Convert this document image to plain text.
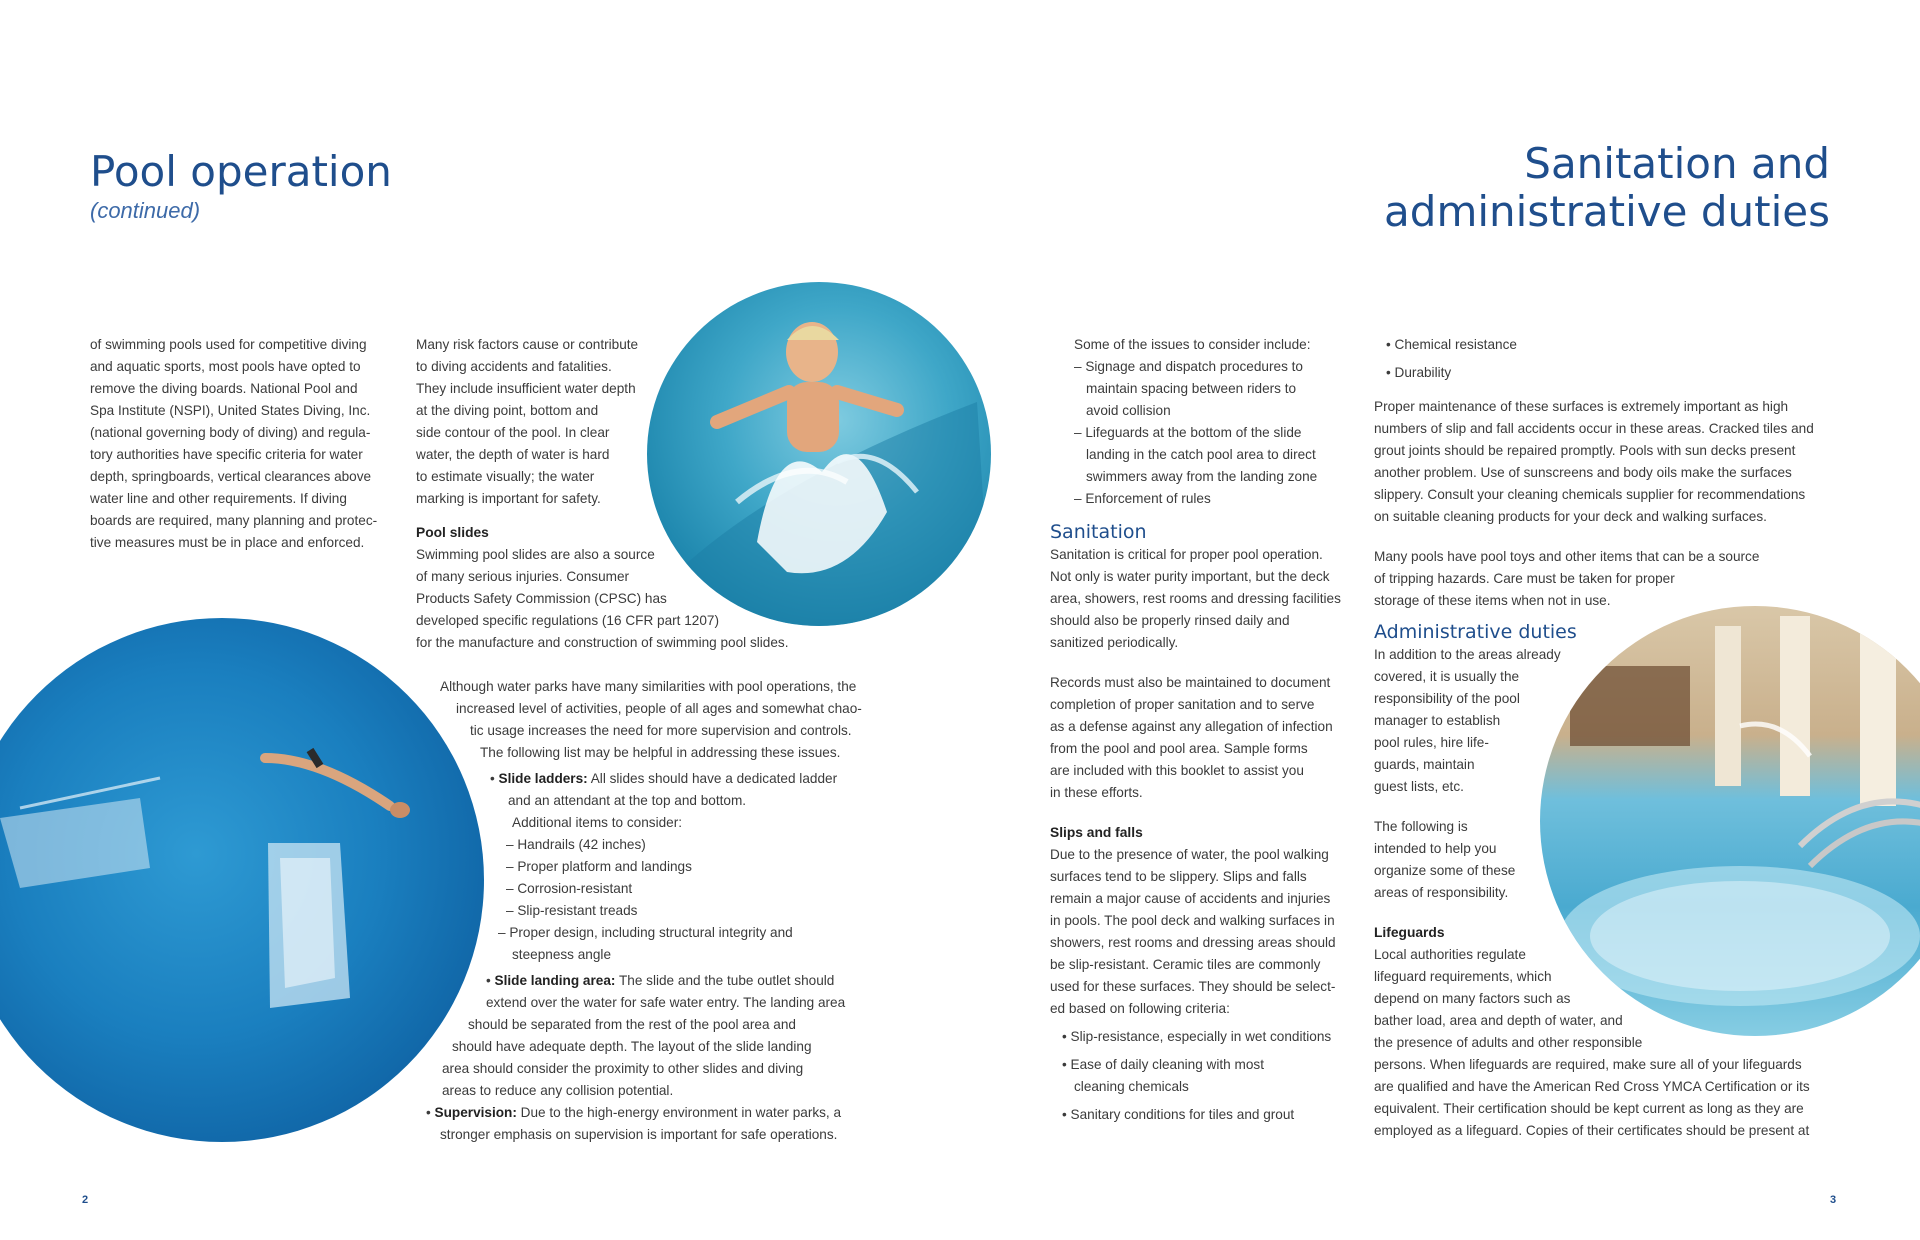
Pool operation
(continued)

of swimming pools used for competitive diving

and aquatic sports, most pools have opted to

remove the diving boards. National Pool and

Spa Institute (NSPI), United States Diving, Inc.

(national governing body of diving) and regula-

tory authorities have specific criteria for water

depth, springboards, vertical clearances above

water line and other requirements. If diving

boards are required, many planning and protec-

tive measures must be in place and enforced.

Many risk factors cause or contribute

to diving accidents and fatalities.

They include insufficient water depth

at the diving point, bottom and

side contour of the pool. In clear

water, the depth of water is hard

to estimate visually; the water

marking is important for safety.

Pool slides

Swimming pool slides are also a source

of many serious injuries. Consumer

Products Safety Commission (CPSC) has

developed specific regulations (16 CFR part 1207)

for the manufacture and construction of swimming pool slides.

Although water parks have many similarities with pool operations, the

increased level of activities, people of all ages and somewhat chao-

tic usage increases the need for more supervision and controls.

The following list may be helpful in addressing these issues.

• Slide ladders: All slides should have a dedicated ladder

and an attendant at the top and bottom.

Additional items to consider:

– Handrails (42 inches)

– Proper platform and landings

– Corrosion-resistant

– Slip-resistant treads

– Proper design, including structural integrity and

steepness angle

• Slide landing area: The slide and the tube outlet should

extend over the water for safe water entry. The landing area

should be separated from the rest of the pool area and

should have adequate depth. The layout of the slide landing

area should consider the proximity to other slides and diving

areas to reduce any collision potential.

• Supervision: Due to the high-energy environment in water parks, a

stronger emphasis on supervision is important for safe operations.

2
Sanitation and
administrative duties

Some of the issues to consider include:

– Signage and dispatch procedures to

maintain spacing between riders to

avoid collision

– Lifeguards at the bottom of the slide

landing in the catch pool area to direct

swimmers away from the landing zone

– Enforcement of rules

Sanitation

Sanitation is critical for proper pool operation.

Not only is water purity important, but the deck

area, showers, rest rooms and dressing facilities

should also be properly rinsed daily and

sanitized periodically.

Records must also be maintained to document

completion of proper sanitation and to serve

as a defense against any allegation of infection

from the pool and pool area. Sample forms

are included with this booklet to assist you

in these efforts.

Slips and falls

Due to the presence of water, the pool walking

surfaces tend to be slippery. Slips and falls

remain a major cause of accidents and injuries

in pools. The pool deck and walking surfaces in

showers, rest rooms and dressing areas should

be slip-resistant. Ceramic tiles are commonly

used for these surfaces. They should be select-

ed based on following criteria:

• Slip-resistance, especially in wet conditions

• Ease of daily cleaning with most

cleaning chemicals

• Sanitary conditions for tiles and grout

• Chemical resistance

• Durability

Proper maintenance of these surfaces is extremely important as high

numbers of slip and fall accidents occur in these areas. Cracked tiles and

grout joints should be repaired promptly. Pools with sun decks present

another problem. Use of sunscreens and body oils make the surfaces

slippery. Consult your cleaning chemicals supplier for recommendations

on suitable cleaning products for your deck and walking surfaces.

Many pools have pool toys and other items that can be a source

of tripping hazards. Care must be taken for proper

storage of these items when not in use.

Administrative duties

In addition to the areas already

covered, it is usually the

responsibility of the pool

manager to establish

pool rules, hire life-

guards, maintain

guest lists, etc.

The following is

intended to help you

organize some of these

areas of responsibility.

Lifeguards

Local authorities regulate

lifeguard requirements, which

depend on many factors such as

bather load, area and depth of water, and

the presence of adults and other responsible

persons. When lifeguards are required, make sure all of your lifeguards

are qualified and have the American Red Cross YMCA Certification or its

equivalent. Their certification should be kept current as long as they are

employed as a lifeguard. Copies of their certificates should be present at

3
